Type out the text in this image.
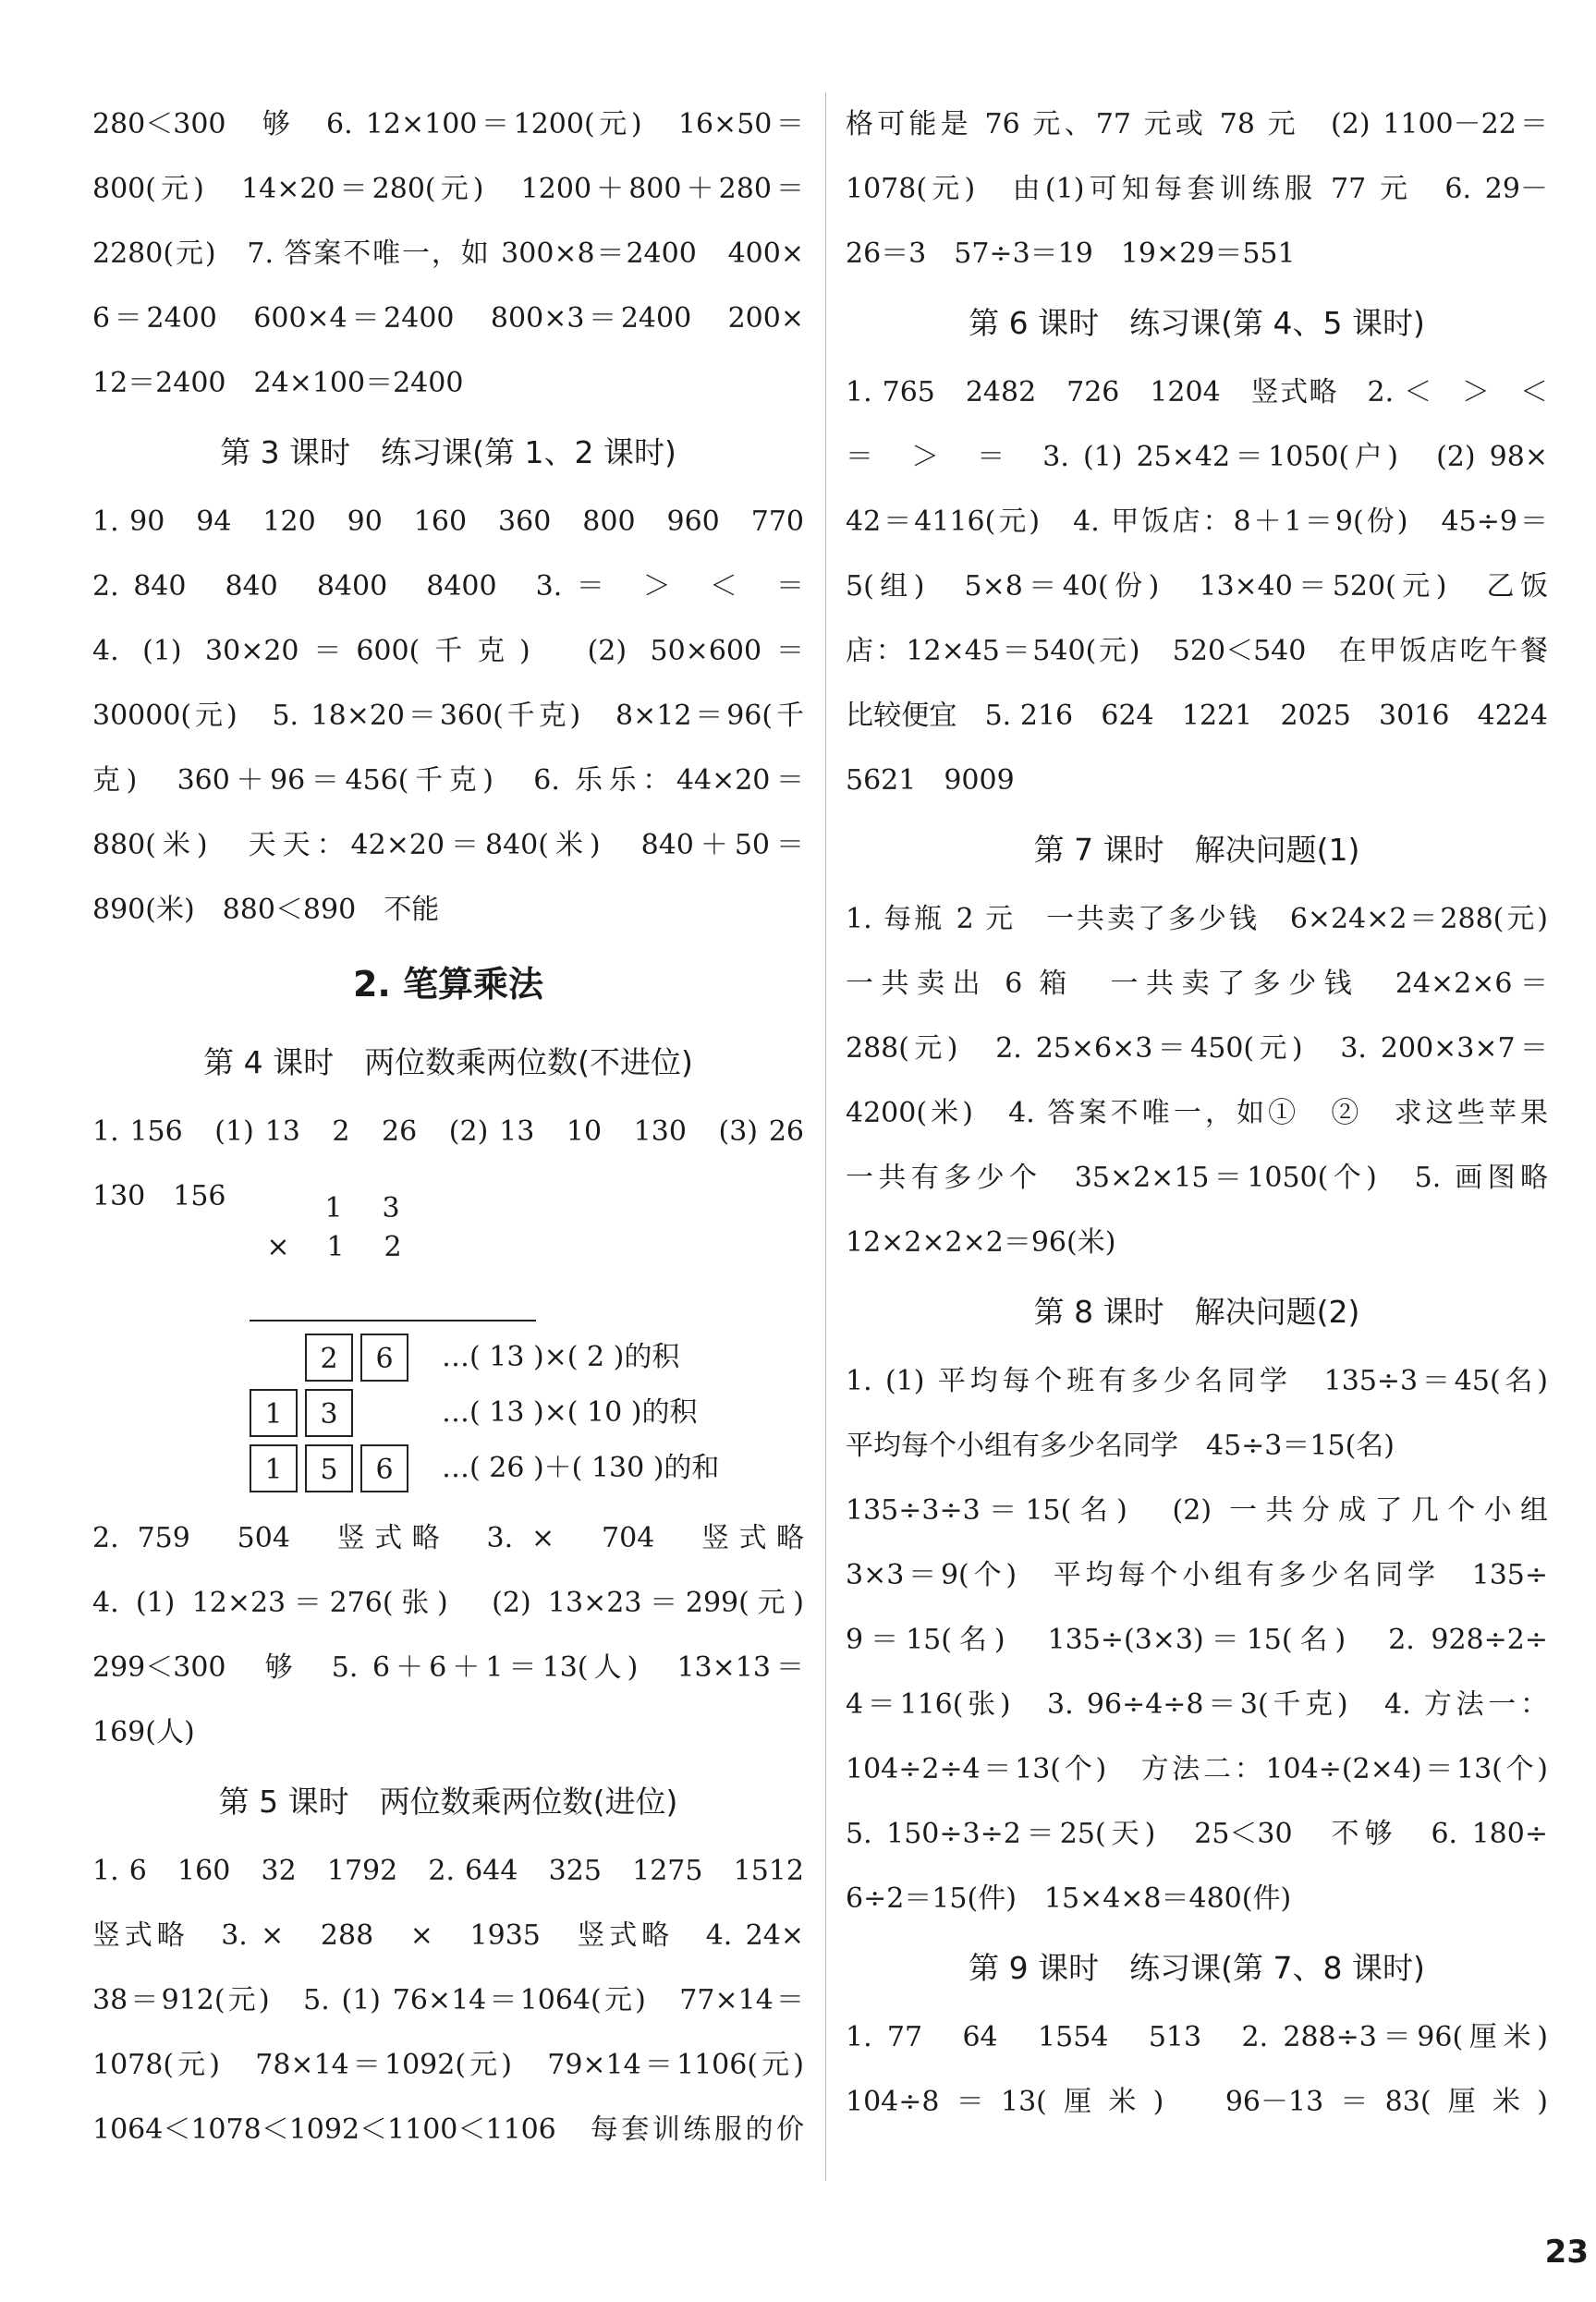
280＜300　够　6. 12×100＝1200(元)　16×50＝
800(元)　14×20＝280(元)　1200＋800＋280＝
2280(元)　7. 答案不唯一，如 300×8＝2400　400×
6＝2400　600×4＝2400　800×3＝2400　200×
12＝2400　24×100＝2400
第 3 课时　练习课(第 1、2 课时)
1. 90　94　120　90　160　360　800　960　770
2. 840　840　8400　8400　3. ＝　＞　＜　＝
4. (1) 30×20＝600(千克)　(2) 50×600＝
30000(元)　5. 18×20＝360(千克)　8×12＝96(千
克)　360＋96＝456(千克)　6. 乐乐：44×20＝
880(米)　天天：42×20＝840(米)　840＋50＝
890(米)　880＜890　不能
2. 笔算乘法
第 4 课时　两位数乘两位数(不进位)
1. 156　(1) 13　2　26　(2) 13　10　130　(3) 26
130　156	1 3
× 1 2
2 6	…( 13 )×( 2 )的积
1 3	…( 13 )×( 10 )的积
1 5 6	…( 26 )＋( 130 )的和
2. 759　504　竖式略　3. ×　704　竖式略
4. (1) 12×23＝276(张)　(2) 13×23＝299(元)
299＜300　够　5. 6＋6＋1＝13(人)　13×13＝
169(人)
第 5 课时　两位数乘两位数(进位)
1. 6　160　32　1792　2. 644　325　1275　1512
竖式略　3. ×　288　×　1935　竖式略　4. 24×
38＝912(元)　5. (1) 76×14＝1064(元)　77×14＝
1078(元)　78×14＝1092(元)　79×14＝1106(元)
1064＜1078＜1092＜1100＜1106　每套训练服的价
格可能是 76 元、77 元或 78 元　(2) 1100－22＝
1078(元)　由(1)可知每套训练服 77 元　6. 29－
26＝3　57÷3＝19　19×29＝551
第 6 课时　练习课(第 4、5 课时)
1. 765　2482　726　1204　竖式略　2. ＜　＞　＜
＝　＞　＝　3. (1) 25×42＝1050(户)　(2) 98×
42＝4116(元)　4. 甲饭店：8＋1＝9(份)　45÷9＝
5(组)　5×8＝40(份)　13×40＝520(元)　乙饭
店：12×45＝540(元)　520＜540　在甲饭店吃午餐
比较便宜　5. 216　624　1221　2025　3016　4224
5621　9009
第 7 课时　解决问题(1)
1. 每瓶 2 元　一共卖了多少钱　6×24×2＝288(元)
一共卖出 6 箱　一共卖了多少钱　24×2×6＝
288(元)　2. 25×6×3＝450(元)　3. 200×3×7＝
4200(米)　4. 答案不唯一，如①　②　求这些苹果
一共有多少个　35×2×15＝1050(个)　5. 画图略
12×2×2×2＝96(米)
第 8 课时　解决问题(2)
1. (1) 平均每个班有多少名同学　135÷3＝45(名)
平均每个小组有多少名同学　45÷3＝15(名)
135÷3÷3＝15(名)　(2) 一共分成了几个小组
3×3＝9(个)　平均每个小组有多少名同学　135÷
9＝15(名)　135÷(3×3)＝15(名)　2. 928÷2÷
4＝116(张)　3. 96÷4÷8＝3(千克)　4. 方法一：
104÷2÷4＝13(个)　方法二：104÷(2×4)＝13(个)
5. 150÷3÷2＝25(天)　25＜30　不够　6. 180÷
6÷2＝15(件)　15×4×8＝480(件)
第 9 课时　练习课(第 7、8 课时)
1. 77　64　1554　513　2. 288÷3＝96(厘米)
104÷8＝13(厘米)　96－13＝83(厘米)
23
